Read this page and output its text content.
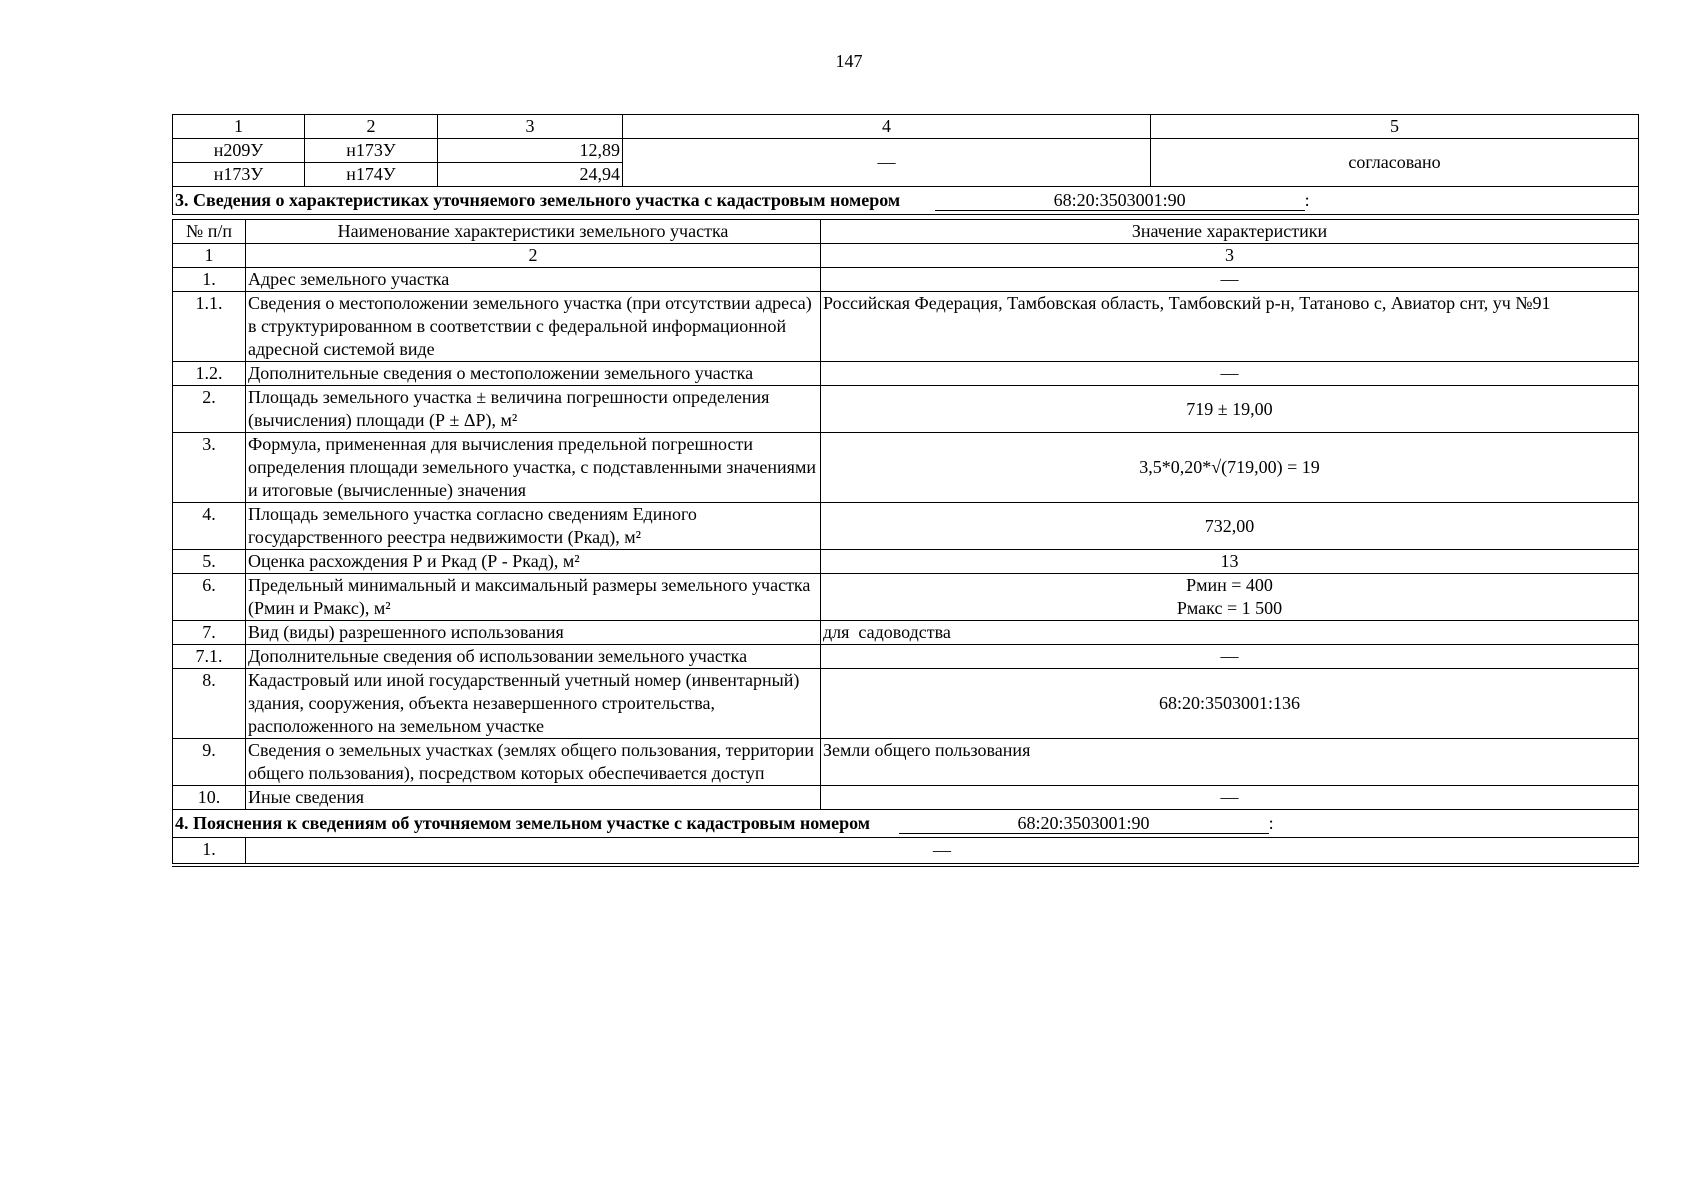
147
1	2	3	4	5
н209У	н173У	12,89	—	согласовано
н173У	н174У	24,94		
3. Сведения о характеристиках уточняемого земельного участка с кадастровым номером 68:20:3503001:90 :				
№ п/п	Наименование характеристики земельного участка	Значение характеристики
1	2	3
1.	Адрес земельного участка	—
1.1.	Сведения о местоположении земельного участка (при отсутствии адреса) в структурированном в соответствии с федеральной информационной адресной системой виде	Российская Федерация, Тамбовская область, Тамбовский р-н, Татаново с, Авиатор снт, уч №91
1.2.	Дополнительные сведения о местоположении земельного участка	—
2.	Площадь земельного участка ± величина погрешности определения (вычисления) площади (Р ± ΔР), м²	719 ± 19,00
3.	Формула, примененная для вычисления предельной погрешности определения площади земельного участка, с подставленными значениями и итоговые (вычисленные) значения	3,5*0,20*√(719,00) = 19
4.	Площадь земельного участка согласно сведениям Единого государственного реестра недвижимости (Ркад), м²	732,00
5.	Оценка расхождения Р и Ркад (Р - Ркад), м²	13
6.	Предельный минимальный и максимальный размеры земельного участка (Рмин и Рмакс), м²	Рмин = 400
Рмакс = 1 500

7.	Вид (виды) разрешенного использования	для  садоводства
7.1.	Дополнительные сведения об использовании земельного участка	—
8.	Кадастровый или иной государственный учетный номер (инвентарный) здания, сооружения, объекта незавершенного строительства, расположенного на земельном участке	68:20:3503001:136
9.	Сведения о земельных участках (землях общего пользования, территории общего пользования), посредством которых обеспечивается доступ	Земли общего пользования
10.	Иные сведения	—
4. Пояснения к сведениям об уточняемом земельном участке с кадастровым номером 68:20:3503001:90 :		
1.	—	
